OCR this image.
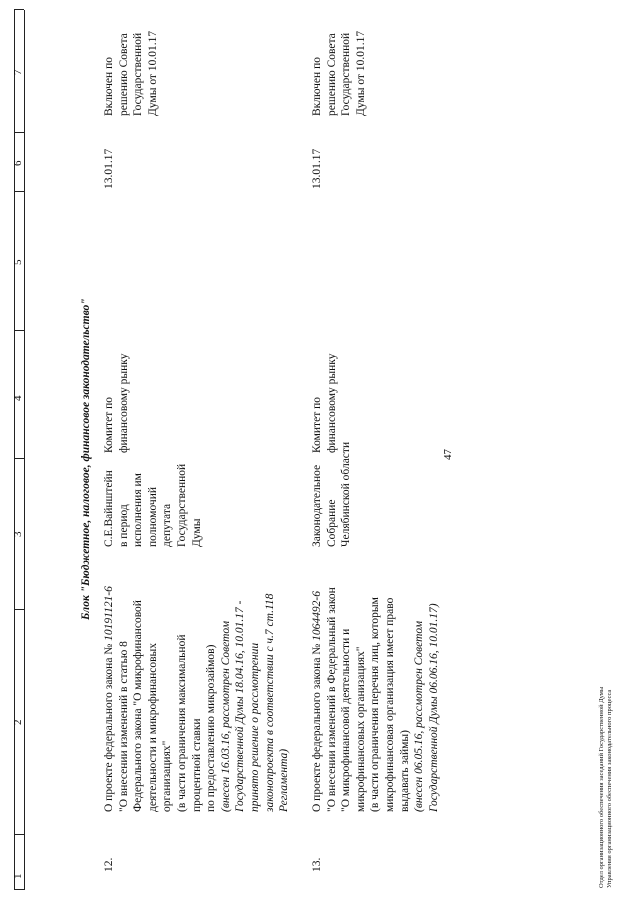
47
1
2
3
4
5
6
7
Блок "Бюджетное, налоговое, финансовое законодательство"
12.
О проекте федерального закона № 10191121-6
"О внесении изменений в статью 8 Федерального закона "О микрофинансовой деятельности и микрофинансовых организациях" (в части ограничения максимальной процентной ставки по предоставлению микрозаймов) (внесен 16.03.16, рассмотрен Советом Государственной Думы 18.04.16, 10.01.17 - принято решение о рассмотрении законопроекта в соответствии с ч.7 ст.118 Регламента)
С.Е.Вайнштейн в период исполнения им полномочий депутата Государственной Думы
Комитет по финансовому рынку
13.01.17
Включен по решению Совета Государственной Думы от 10.01.17
13.
О проекте федерального закона № 1064492-6 "О внесении изменений в Федеральный закон "О микрофинансовой деятельности и микрофинансовых организациях" (в части ограничения перечня лиц, которым микрофинансовая организация имеет право выдавать займы) (внесен 06.05.16, рассмотрен Советом Государственной Думы 06.06.16, 10.01.17)
Законодательное Собрание Челябинской области
Комитет по финансовому рынку
13.01.17
Включен по решению Совета Государственной Думы от 10.01.17
Отдел организационного обеспечения заседаний Государственной Думы Управления организационного обеспечения законодательного процесса
